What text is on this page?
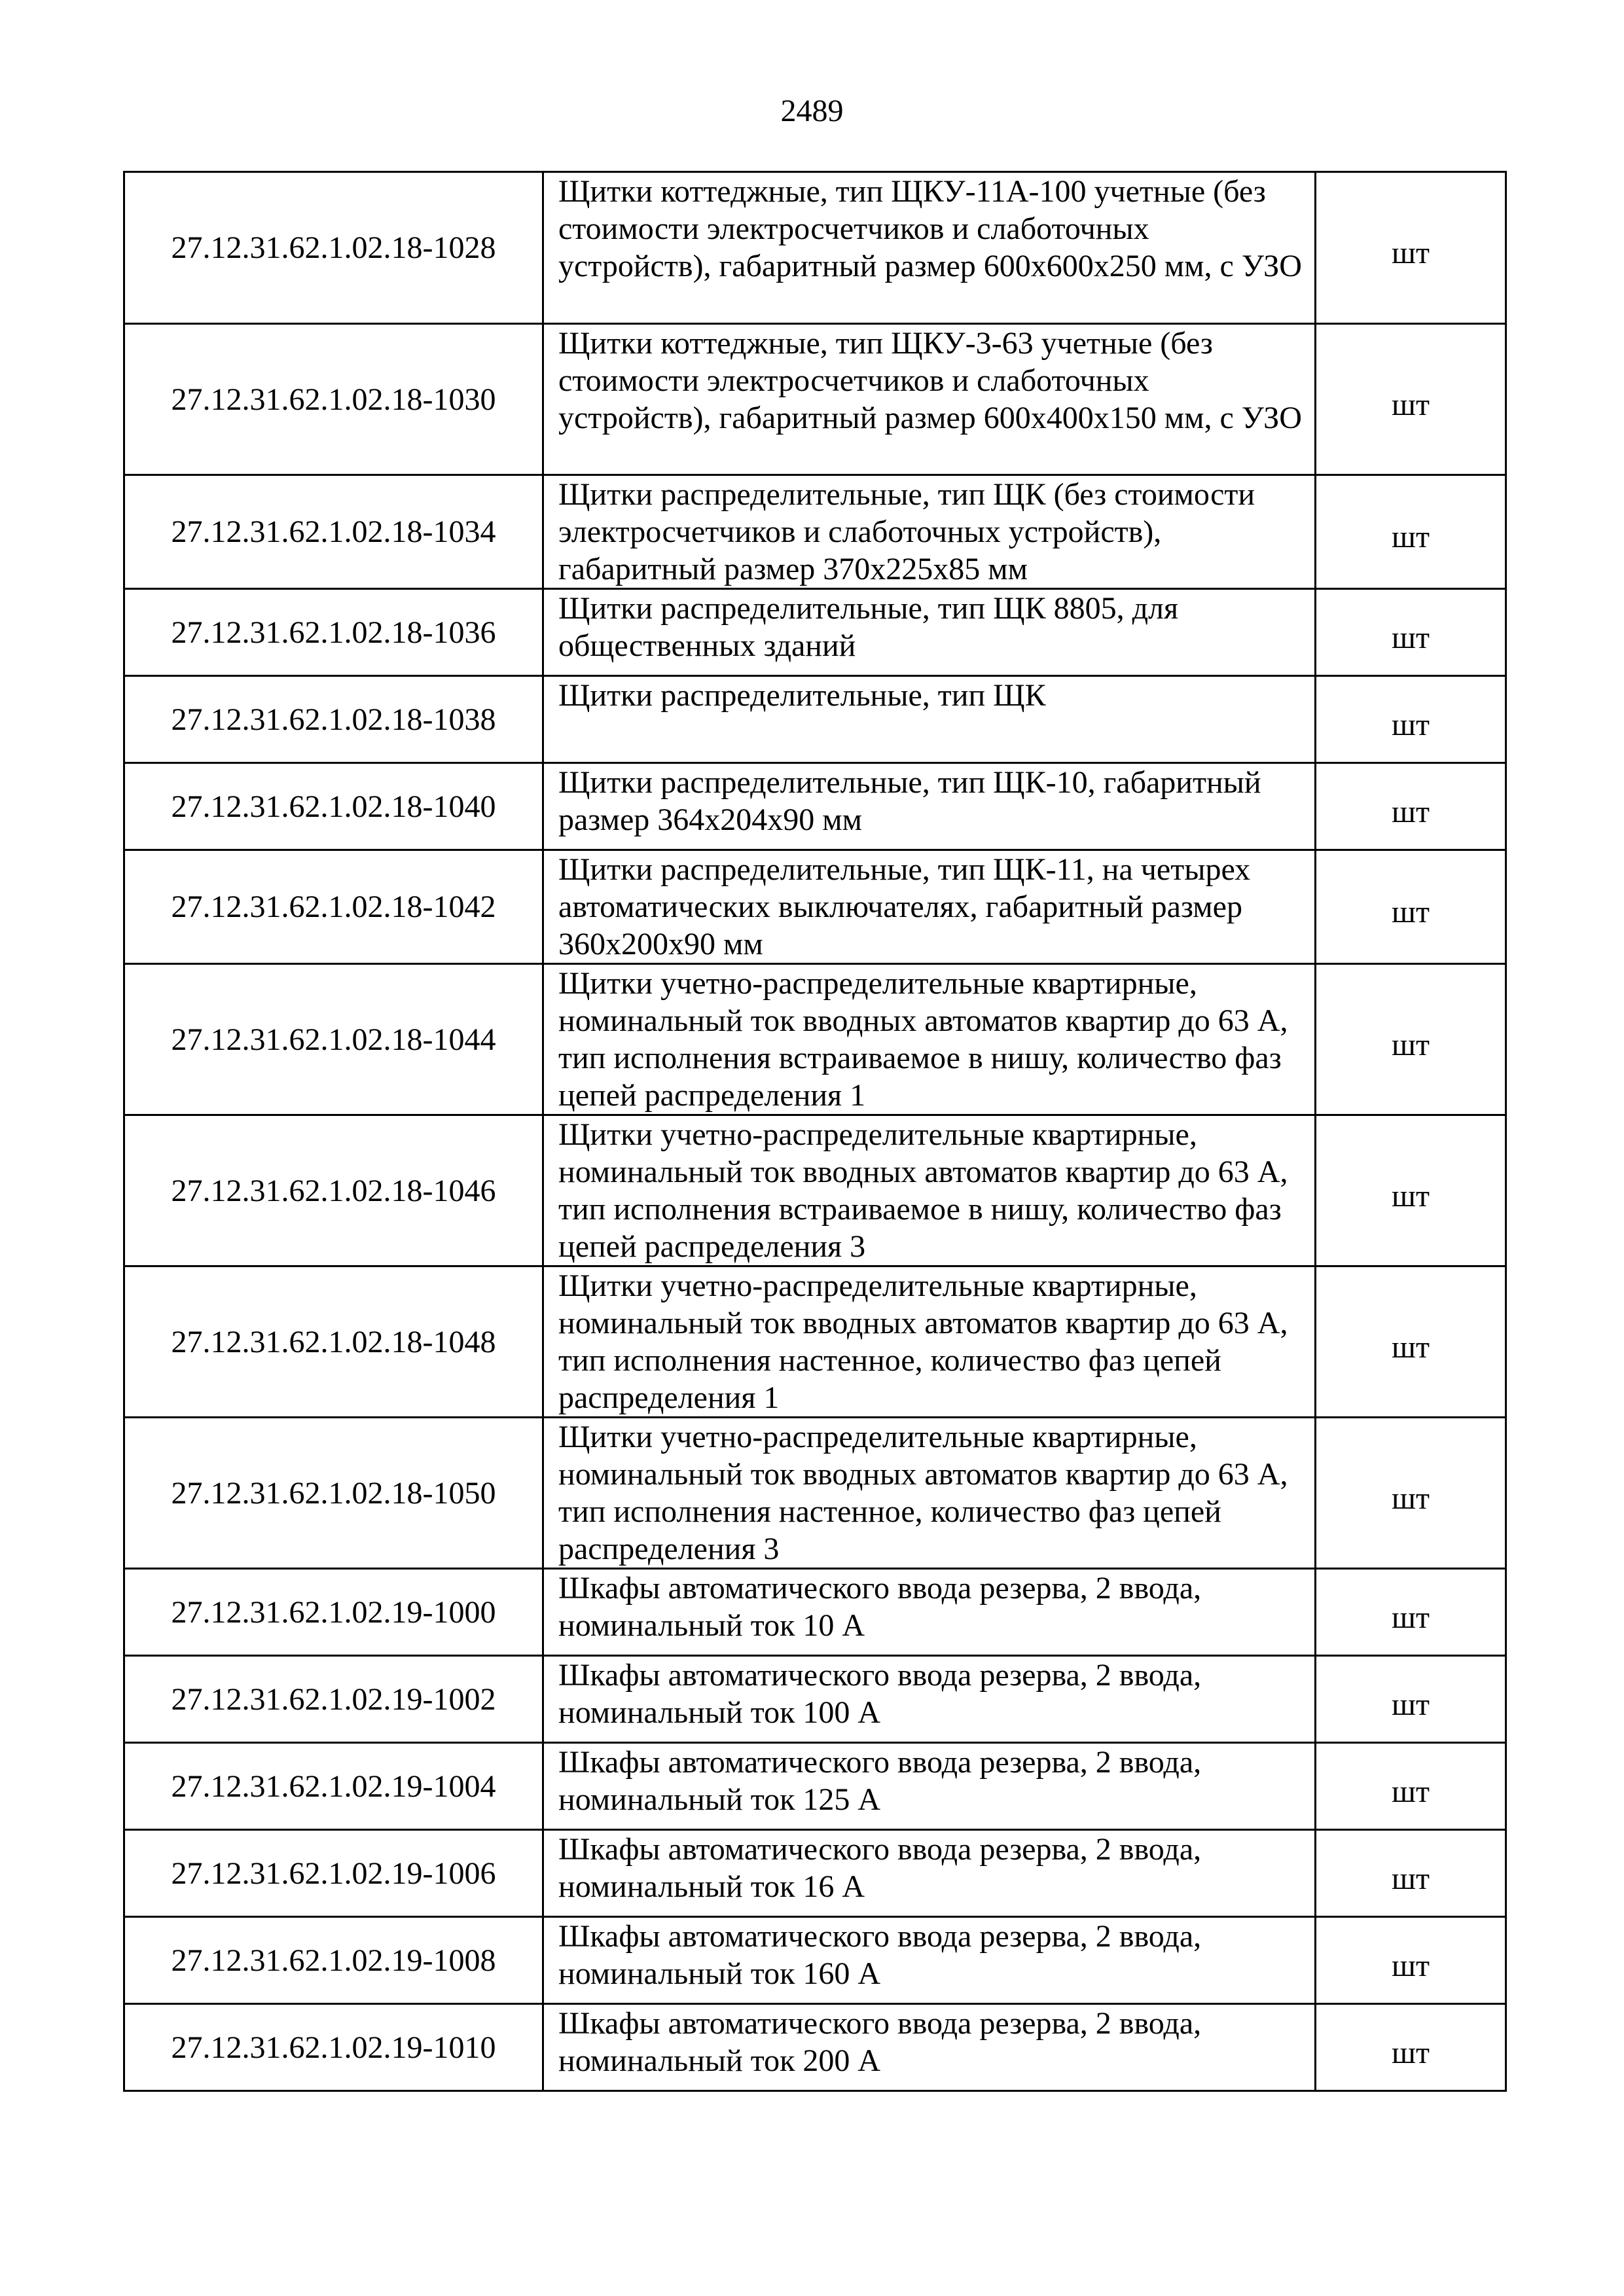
2489
27.12.31.62.1.02.18-1028	Щитки коттеджные, тип ЩКУ-11А-100 учетные (без стоимости электросчетчиков и слаботочных устройств), габаритный размер 600х600х250 мм, с УЗО	шт
27.12.31.62.1.02.18-1030	Щитки коттеджные, тип ЩКУ-3-63 учетные (без стоимости электросчетчиков и слаботочных устройств), габаритный размер 600х400х150 мм, с УЗО	шт
27.12.31.62.1.02.18-1034	Щитки распределительные, тип ЩК (без стоимости электросчетчиков и слаботочных устройств), габаритный размер 370х225х85 мм	шт
27.12.31.62.1.02.18-1036	Щитки распределительные, тип ЩК 8805, для общественных зданий	шт
27.12.31.62.1.02.18-1038	Щитки распределительные, тип ЩК	шт
27.12.31.62.1.02.18-1040	Щитки распределительные, тип ЩК-10, габаритный размер 364х204х90 мм	шт
27.12.31.62.1.02.18-1042	Щитки распределительные, тип ЩК-11, на четырех автоматических выключателях, габаритный размер 360х200х90 мм	шт
27.12.31.62.1.02.18-1044	Щитки учетно-распределительные квартирные, номинальный ток вводных автоматов квартир до 63 А, тип исполнения встраиваемое в нишу, количество фаз цепей распределения 1	шт
27.12.31.62.1.02.18-1046	Щитки учетно-распределительные квартирные, номинальный ток вводных автоматов квартир до 63 А, тип исполнения встраиваемое в нишу, количество фаз цепей распределения 3	шт
27.12.31.62.1.02.18-1048	Щитки учетно-распределительные квартирные, номинальный ток вводных автоматов квартир до 63 А, тип исполнения настенное, количество фаз цепей распределения 1	шт
27.12.31.62.1.02.18-1050	Щитки учетно-распределительные квартирные, номинальный ток вводных автоматов квартир до 63 А, тип исполнения настенное, количество фаз цепей распределения 3	шт
27.12.31.62.1.02.19-1000	Шкафы автоматического ввода резерва, 2 ввода, номинальный ток 10 А	шт
27.12.31.62.1.02.19-1002	Шкафы автоматического ввода резерва, 2 ввода, номинальный ток 100 А	шт
27.12.31.62.1.02.19-1004	Шкафы автоматического ввода резерва, 2 ввода, номинальный ток 125 А	шт
27.12.31.62.1.02.19-1006	Шкафы автоматического ввода резерва, 2 ввода, номинальный ток 16 А	шт
27.12.31.62.1.02.19-1008	Шкафы автоматического ввода резерва, 2 ввода, номинальный ток 160 А	шт
27.12.31.62.1.02.19-1010	Шкафы автоматического ввода резерва, 2 ввода, номинальный ток 200 А	шт
